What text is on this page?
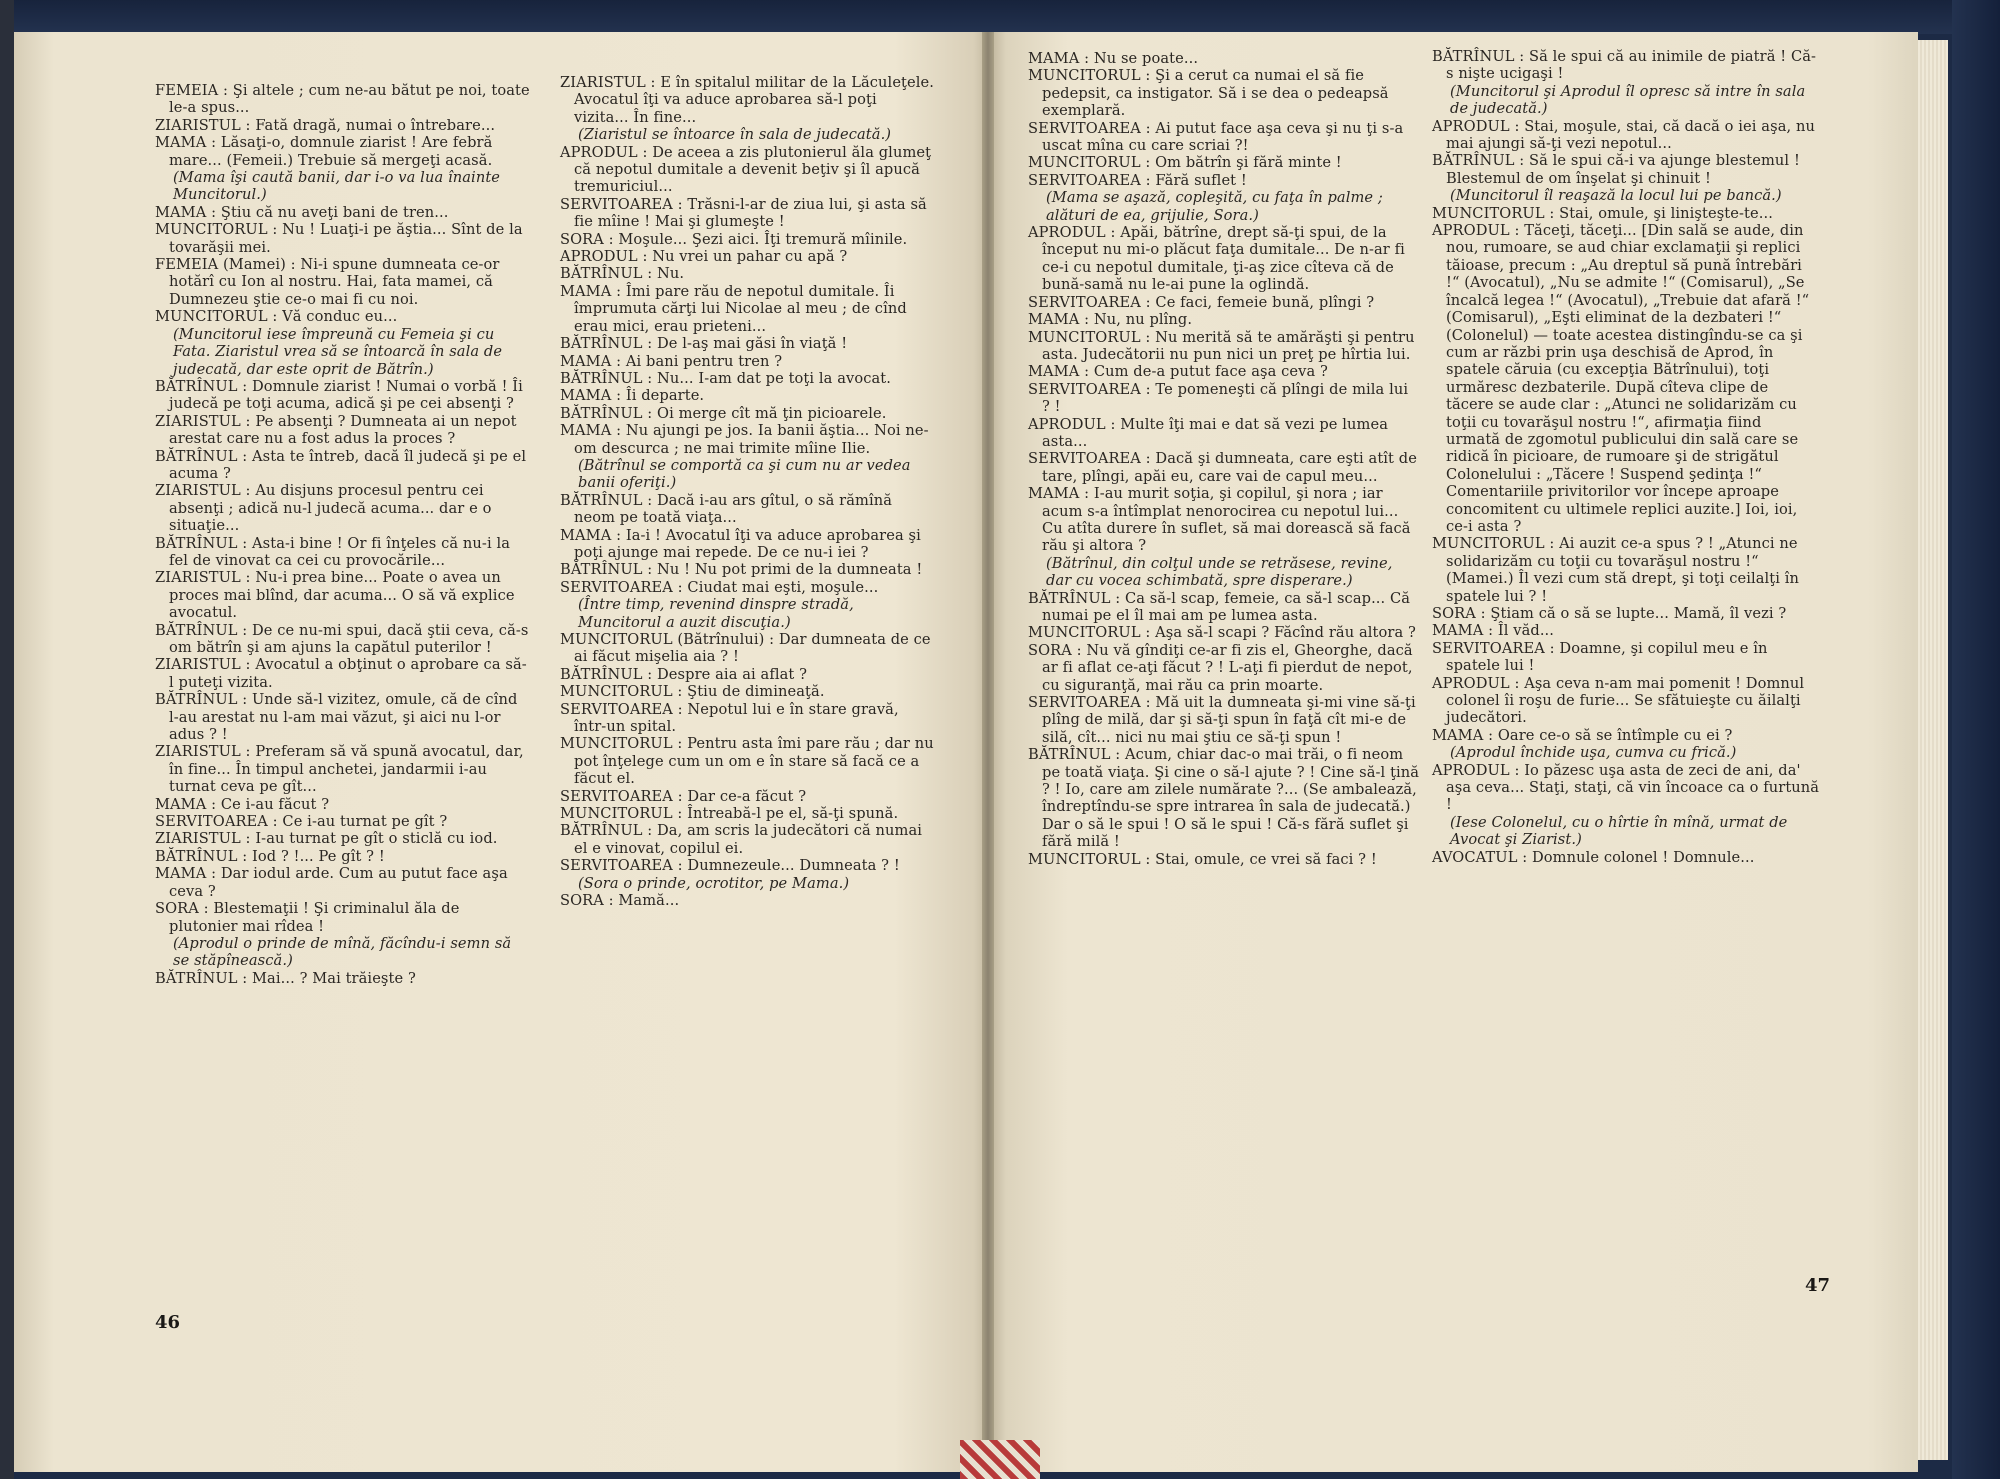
FEMEIA : Şi altele ; cum ne-au bătut pe noi, toate le-a spus...

ZIARISTUL : Fată dragă, numai o întrebare...

MAMA : Lăsaţi-o, domnule ziarist ! Are febră mare... (Femeii.) Trebuie să mergeţi acasă.

(Mama îşi caută banii, dar i-o va lua înainte Muncitorul.)

MAMA : Ştiu că nu aveţi bani de tren...

MUNCITORUL : Nu ! Luaţi-i pe ăştia... Sînt de la tovarăşii mei.

FEMEIA (Mamei) : Ni-i spune dumneata ce-or hotărî cu Ion al nostru. Hai, fata mamei, că Dumnezeu ştie ce-o mai fi cu noi.

MUNCITORUL : Vă conduc eu...

(Muncitorul iese împreună cu Femeia şi cu Fata. Ziaristul vrea să se întoarcă în sala de judecată, dar este oprit de Bătrîn.)

BĂTRÎNUL : Domnule ziarist ! Numai o vorbă ! Îi judecă pe toţi acuma, adică şi pe cei absenţi ?

ZIARISTUL : Pe absenţi ? Dumneata ai un nepot arestat care nu a fost adus la proces ?

BĂTRÎNUL : Asta te întreb, dacă îl judecă şi pe el acuma ?

ZIARISTUL : Au disjuns procesul pentru cei absenţi ; adică nu-l judecă acuma... dar e o situaţie...

BĂTRÎNUL : Asta-i bine ! Or fi înţeles că nu-i la fel de vinovat ca cei cu provocările...

ZIARISTUL : Nu-i prea bine... Poate o avea un proces mai blînd, dar acuma... O să vă explice avocatul.

BĂTRÎNUL : De ce nu-mi spui, dacă ştii ceva, că-s om bătrîn şi am ajuns la capătul puterilor !

ZIARISTUL : Avocatul a obţinut o aprobare ca să-l puteţi vizita.

BĂTRÎNUL : Unde să-l vizitez, omule, că de cînd l-au arestat nu l-am mai văzut, şi aici nu l-or adus ? !

ZIARISTUL : Preferam să vă spună avocatul, dar, în fine... În timpul anchetei, jandarmii i-au turnat ceva pe gît...

MAMA : Ce i-au făcut ?

SERVITOAREA : Ce i-au turnat pe gît ?

ZIARISTUL : I-au turnat pe gît o sticlă cu iod.

BĂTRÎNUL : Iod ? !... Pe gît ? !

MAMA : Dar iodul arde. Cum au putut face aşa ceva ?

SORA : Blestemaţii ! Şi criminalul ăla de plutonier mai rîdea !

(Aprodul o prinde de mînă, făcîndu-i semn să se stăpînească.)

BĂTRÎNUL : Mai... ? Mai trăieşte ?

ZIARISTUL : E în spitalul militar de la Lăculeţele. Avocatul îţi va aduce aprobarea să-l poţi vizita... În fine...

(Ziaristul se întoarce în sala de judecată.)

APRODUL : De aceea a zis plutonierul ăla glumeţ că nepotul dumitale a devenit beţiv şi îl apucă tremuriciul...

SERVITOAREA : Trăsni-l-ar de ziua lui, şi asta să fie mîine ! Mai şi glumeşte !

SORA : Moşule... Şezi aici. Îţi tremură mîinile.

APRODUL : Nu vrei un pahar cu apă ?

BĂTRÎNUL : Nu.

MAMA : Îmi pare rău de nepotul dumitale. Îi împrumuta cărţi lui Nicolae al meu ; de cînd erau mici, erau prieteni...

BĂTRÎNUL : De l-aş mai găsi în viaţă !

MAMA : Ai bani pentru tren ?

BĂTRÎNUL : Nu... I-am dat pe toţi la avocat.

MAMA : Îi departe.

BĂTRÎNUL : Oi merge cît mă ţin picioarele.

MAMA : Nu ajungi pe jos. Ia banii ăştia... Noi ne-om descurca ; ne mai trimite mîine Ilie.

(Bătrînul se comportă ca şi cum nu ar vedea banii oferiţi.)

BĂTRÎNUL : Dacă i-au ars gîtul, o să rămînă neom pe toată viaţa...

MAMA : Ia-i ! Avocatul îţi va aduce aprobarea şi poţi ajunge mai repede. De ce nu-i iei ?

BĂTRÎNUL : Nu ! Nu pot primi de la dumneata !

SERVITOAREA : Ciudat mai eşti, moşule...

(Între timp, revenind dinspre stradă, Muncitorul a auzit discuţia.)

MUNCITORUL (Bătrînului) : Dar dumneata de ce ai făcut mişelia aia ? !

BĂTRÎNUL : Despre aia ai aflat ?

MUNCITORUL : Ştiu de dimineaţă.

SERVITOAREA : Nepotul lui e în stare gravă, într-un spital.

MUNCITORUL : Pentru asta îmi pare rău ; dar nu pot înţelege cum un om e în stare să facă ce a făcut el.

SERVITOAREA : Dar ce-a făcut ?

MUNCITORUL : Întreabă-l pe el, să-ţi spună.

BĂTRÎNUL : Da, am scris la judecători că numai el e vinovat, copilul ei.

SERVITOAREA : Dumnezeule... Dumneata ? !

(Sora o prinde, ocrotitor, pe Mama.)

SORA : Mamă...

MAMA : Nu se poate...

MUNCITORUL : Şi a cerut ca numai el să fie pedepsit, ca instigator. Să i se dea o pedeapsă exemplară.

SERVITOAREA : Ai putut face aşa ceva şi nu ţi s-a uscat mîna cu care scriai ?!

MUNCITORUL : Om bătrîn şi fără minte !

SERVITOAREA : Fără suflet !

(Mama se aşază, copleşită, cu faţa în palme ; alături de ea, grijulie, Sora.)

APRODUL : Apăi, bătrîne, drept să-ţi spui, de la început nu mi-o plăcut faţa dumitale... De n-ar fi ce-i cu nepotul dumitale, ţi-aş zice cîteva că de bună-samă nu le-ai pune la oglindă.

SERVITOAREA : Ce faci, femeie bună, plîngi ?

MAMA : Nu, nu plîng.

MUNCITORUL : Nu merită să te amărăşti şi pentru asta. Judecătorii nu pun nici un preţ pe hîrtia lui.

MAMA : Cum de-a putut face aşa ceva ?

SERVITOAREA : Te pomeneşti că plîngi de mila lui ? !

APRODUL : Multe îţi mai e dat să vezi pe lumea asta...

SERVITOAREA : Dacă şi dumneata, care eşti atît de tare, plîngi, apăi eu, care vai de capul meu...

MAMA : I-au murit soţia, şi copilul, şi nora ; iar acum s-a întîmplat nenorocirea cu nepotul lui... Cu atîta durere în suflet, să mai dorească să facă rău şi altora ?

(Bătrînul, din colţul unde se retrăsese, revine, dar cu vocea schimbată, spre disperare.)

BĂTRÎNUL : Ca să-l scap, femeie, ca să-l scap... Că numai pe el îl mai am pe lumea asta.

MUNCITORUL : Aşa să-l scapi ? Făcînd rău altora ?

SORA : Nu vă gîndiţi ce-ar fi zis el, Gheorghe, dacă ar fi aflat ce-aţi făcut ? ! L-aţi fi pierdut de nepot, cu siguranţă, mai rău ca prin moarte.

SERVITOAREA : Mă uit la dumneata şi-mi vine să-ţi plîng de milă, dar şi să-ţi spun în faţă cît mi-e de silă, cît... nici nu mai ştiu ce să-ţi spun !

BĂTRÎNUL : Acum, chiar dac-o mai trăi, o fi neom pe toată viaţa. Şi cine o să-l ajute ? ! Cine să-l ţină ? ! Io, care am zilele numărate ?... (Se ambalează, îndreptîndu-se spre intrarea în sala de judecată.) Dar o să le spui ! O să le spui ! Că-s fără suflet şi fără milă !

MUNCITORUL : Stai, omule, ce vrei să faci ? !

BĂTRÎNUL : Să le spui că au inimile de piatră ! Că-s nişte ucigaşi !

(Muncitorul şi Aprodul îl opresc să intre în sala de judecată.)

APRODUL : Stai, moşule, stai, că dacă o iei aşa, nu mai ajungi să-ţi vezi nepotul...

BĂTRÎNUL : Să le spui că-i va ajunge blestemul ! Blestemul de om înşelat şi chinuit !

(Muncitorul îl reaşază la locul lui pe bancă.)

MUNCITORUL : Stai, omule, şi linişteşte-te...

APRODUL : Tăceţi, tăceţi... [Din sală se aude, din nou, rumoare, se aud chiar exclamaţii şi replici tăioase, precum : „Au dreptul să pună întrebări !“ (Avocatul), „Nu se admite !“ (Comisarul), „Se încalcă legea !“ (Avocatul), „Trebuie dat afară !“ (Comisarul), „Eşti eliminat de la dezbateri !“ (Colonelul) — toate acestea distingîndu-se ca şi cum ar răzbi prin uşa deschisă de Aprod, în spatele căruia (cu excepţia Bătrînului), toţi urmăresc dezbaterile. După cîteva clipe de tăcere se aude clar : „Atunci ne solidarizăm cu toţii cu tovarăşul nostru !“, afirmaţia fiind urmată de zgomotul publicului din sală care se ridică în picioare, de rumoare şi de strigătul Colonelului : „Tăcere ! Suspend şedinţa !“ Comentariile privitorilor vor începe aproape concomitent cu ultimele replici auzite.] Ioi, ioi, ce-i asta ?

MUNCITORUL : Ai auzit ce-a spus ? ! „Atunci ne solidarizăm cu toţii cu tovarăşul nostru !“ (Mamei.) Îl vezi cum stă drept, şi toţi ceilalţi în spatele lui ? !

SORA : Ştiam că o să se lupte... Mamă, îl vezi ?

MAMA : Îl văd...

SERVITOAREA : Doamne, şi copilul meu e în spatele lui !

APRODUL : Aşa ceva n-am mai pomenit ! Domnul colonel îi roşu de furie... Se sfătuieşte cu ăilalţi judecători.

MAMA : Oare ce-o să se întîmple cu ei ?

(Aprodul închide uşa, cumva cu frică.)

APRODUL : Io păzesc uşa asta de zeci de ani, da' aşa ceva... Staţi, staţi, că vin încoace ca o furtună !

(Iese Colonelul, cu o hîrtie în mînă, urmat de Avocat şi Ziarist.)

AVOCATUL : Domnule colonel ! Domnule...

46
47
